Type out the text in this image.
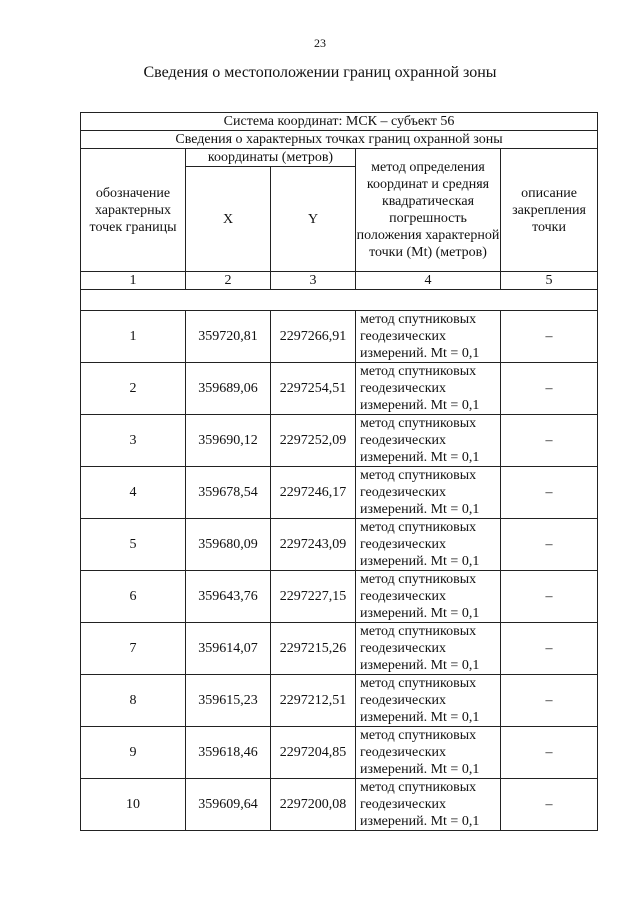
23
Сведения о местоположении границ охранной зоны
Система координат: МСК – субъект 56				
Сведения о характерных точках границ охранной зоны				
обозначение характерных точек границы	координаты (метров)		метод определения координат и средняя квадратическая погрешность положения характерной точки (Mt) (метров)	описание закрепления точки
	X	Y		
1	2	3	4	5

1	359720,81	2297266,91	метод спутниковых
геодезических
измерений. Mt = 0,1	–
2	359689,06	2297254,51	метод спутниковых
геодезических
измерений. Mt = 0,1	–
3	359690,12	2297252,09	метод спутниковых
геодезических
измерений. Mt = 0,1	–
4	359678,54	2297246,17	метод спутниковых
геодезических
измерений. Mt = 0,1	–
5	359680,09	2297243,09	метод спутниковых
геодезических
измерений. Mt = 0,1	–
6	359643,76	2297227,15	метод спутниковых
геодезических
измерений. Mt = 0,1	–
7	359614,07	2297215,26	метод спутниковых
геодезических
измерений. Mt = 0,1	–
8	359615,23	2297212,51	метод спутниковых
геодезических
измерений. Mt = 0,1	–
9	359618,46	2297204,85	метод спутниковых
геодезических
измерений. Mt = 0,1	–
10	359609,64	2297200,08	метод спутниковых
геодезических
измерений. Mt = 0,1	–
